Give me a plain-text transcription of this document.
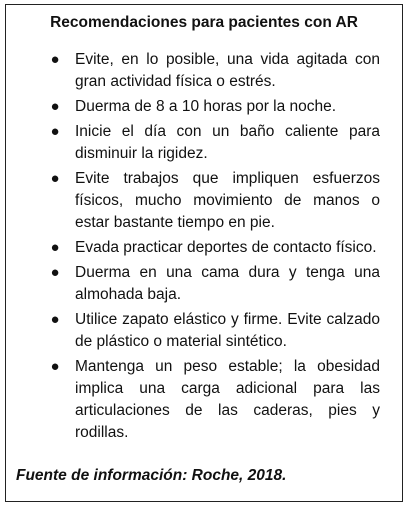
Recomendaciones para pacientes con AR
● Evite, en lo posible, una vida agitada con gran actividad física o estrés.
● Duerma de 8 a 10 horas por la noche.
● Inicie el día con un baño caliente para disminuir la rigidez.
● Evite trabajos que impliquen esfuerzos físicos, mucho movimiento de manos o estar bastante tiempo en pie.
● Evada practicar deportes de contacto físico.
● Duerma en una cama dura y tenga una almohada baja.
● Utilice zapato elástico y firme. Evite calzado de plástico o material sintético.
● Mantenga un peso estable; la obesidad implica una carga adicional para las articulaciones de las caderas, pies y rodillas.
Fuente de información: Roche, 2018.
